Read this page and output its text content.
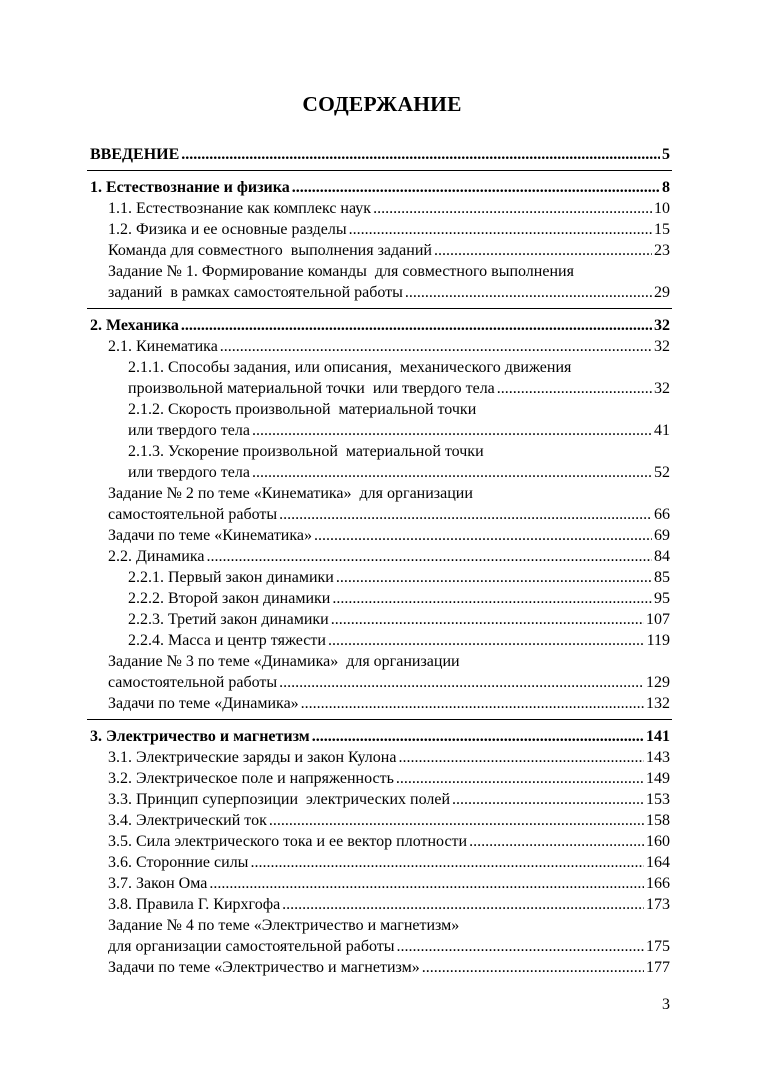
СОДЕРЖАНИЕ
ВВЕДЕНИЕ .....	5
1. Естествознание и физика .....	8
1.1. Естествознание как комплекс наук .....	10
1.2. Физика и ее основные разделы .....	15
Команда для совместного  выполнения заданий .....	23
Задание № 1. Формирование команды  для совместного выполнения
заданий  в рамках самостоятельной работы .....	29
2. Механика .....	32
2.1. Кинематика .....	32
2.1.1. Способы задания, или описания,  механического движения
произвольной материальной точки  или твердого тела .....	32
2.1.2. Скорость произвольной  материальной точки
или твердого тела .....	41
2.1.3. Ускорение произвольной  материальной точки
или твердого тела .....	52
Задание № 2 по теме «Кинематика»  для организации
самостоятельной работы .....	66
Задачи по теме «Кинематика» .....	69
2.2. Динамика .....	84
2.2.1. Первый закон динамики .....	85
2.2.2. Второй закон динамики .....	95
2.2.3. Третий закон динамики .....	107
2.2.4. Масса и центр тяжести .....	119
Задание № 3 по теме «Динамика»  для организации
самостоятельной работы .....	129
Задачи по теме «Динамика» .....	132
3. Электричество и магнетизм .....	141
3.1. Электрические заряды и закон Кулона .....	143
3.2. Электрическое поле и напряженность .....	149
3.3. Принцип суперпозиции  электрических полей .....	153
3.4. Электрический ток .....	158
3.5. Сила электрического тока и ее вектор плотности .....	160
3.6. Сторонние силы .....	164
3.7. Закон Ома .....	166
3.8. Правила Г. Кирхгофа .....	173
Задание № 4 по теме «Электричество и магнетизм»
для организации самостоятельной работы .....	175
Задачи по теме «Электричество и магнетизм» .....	177
3
